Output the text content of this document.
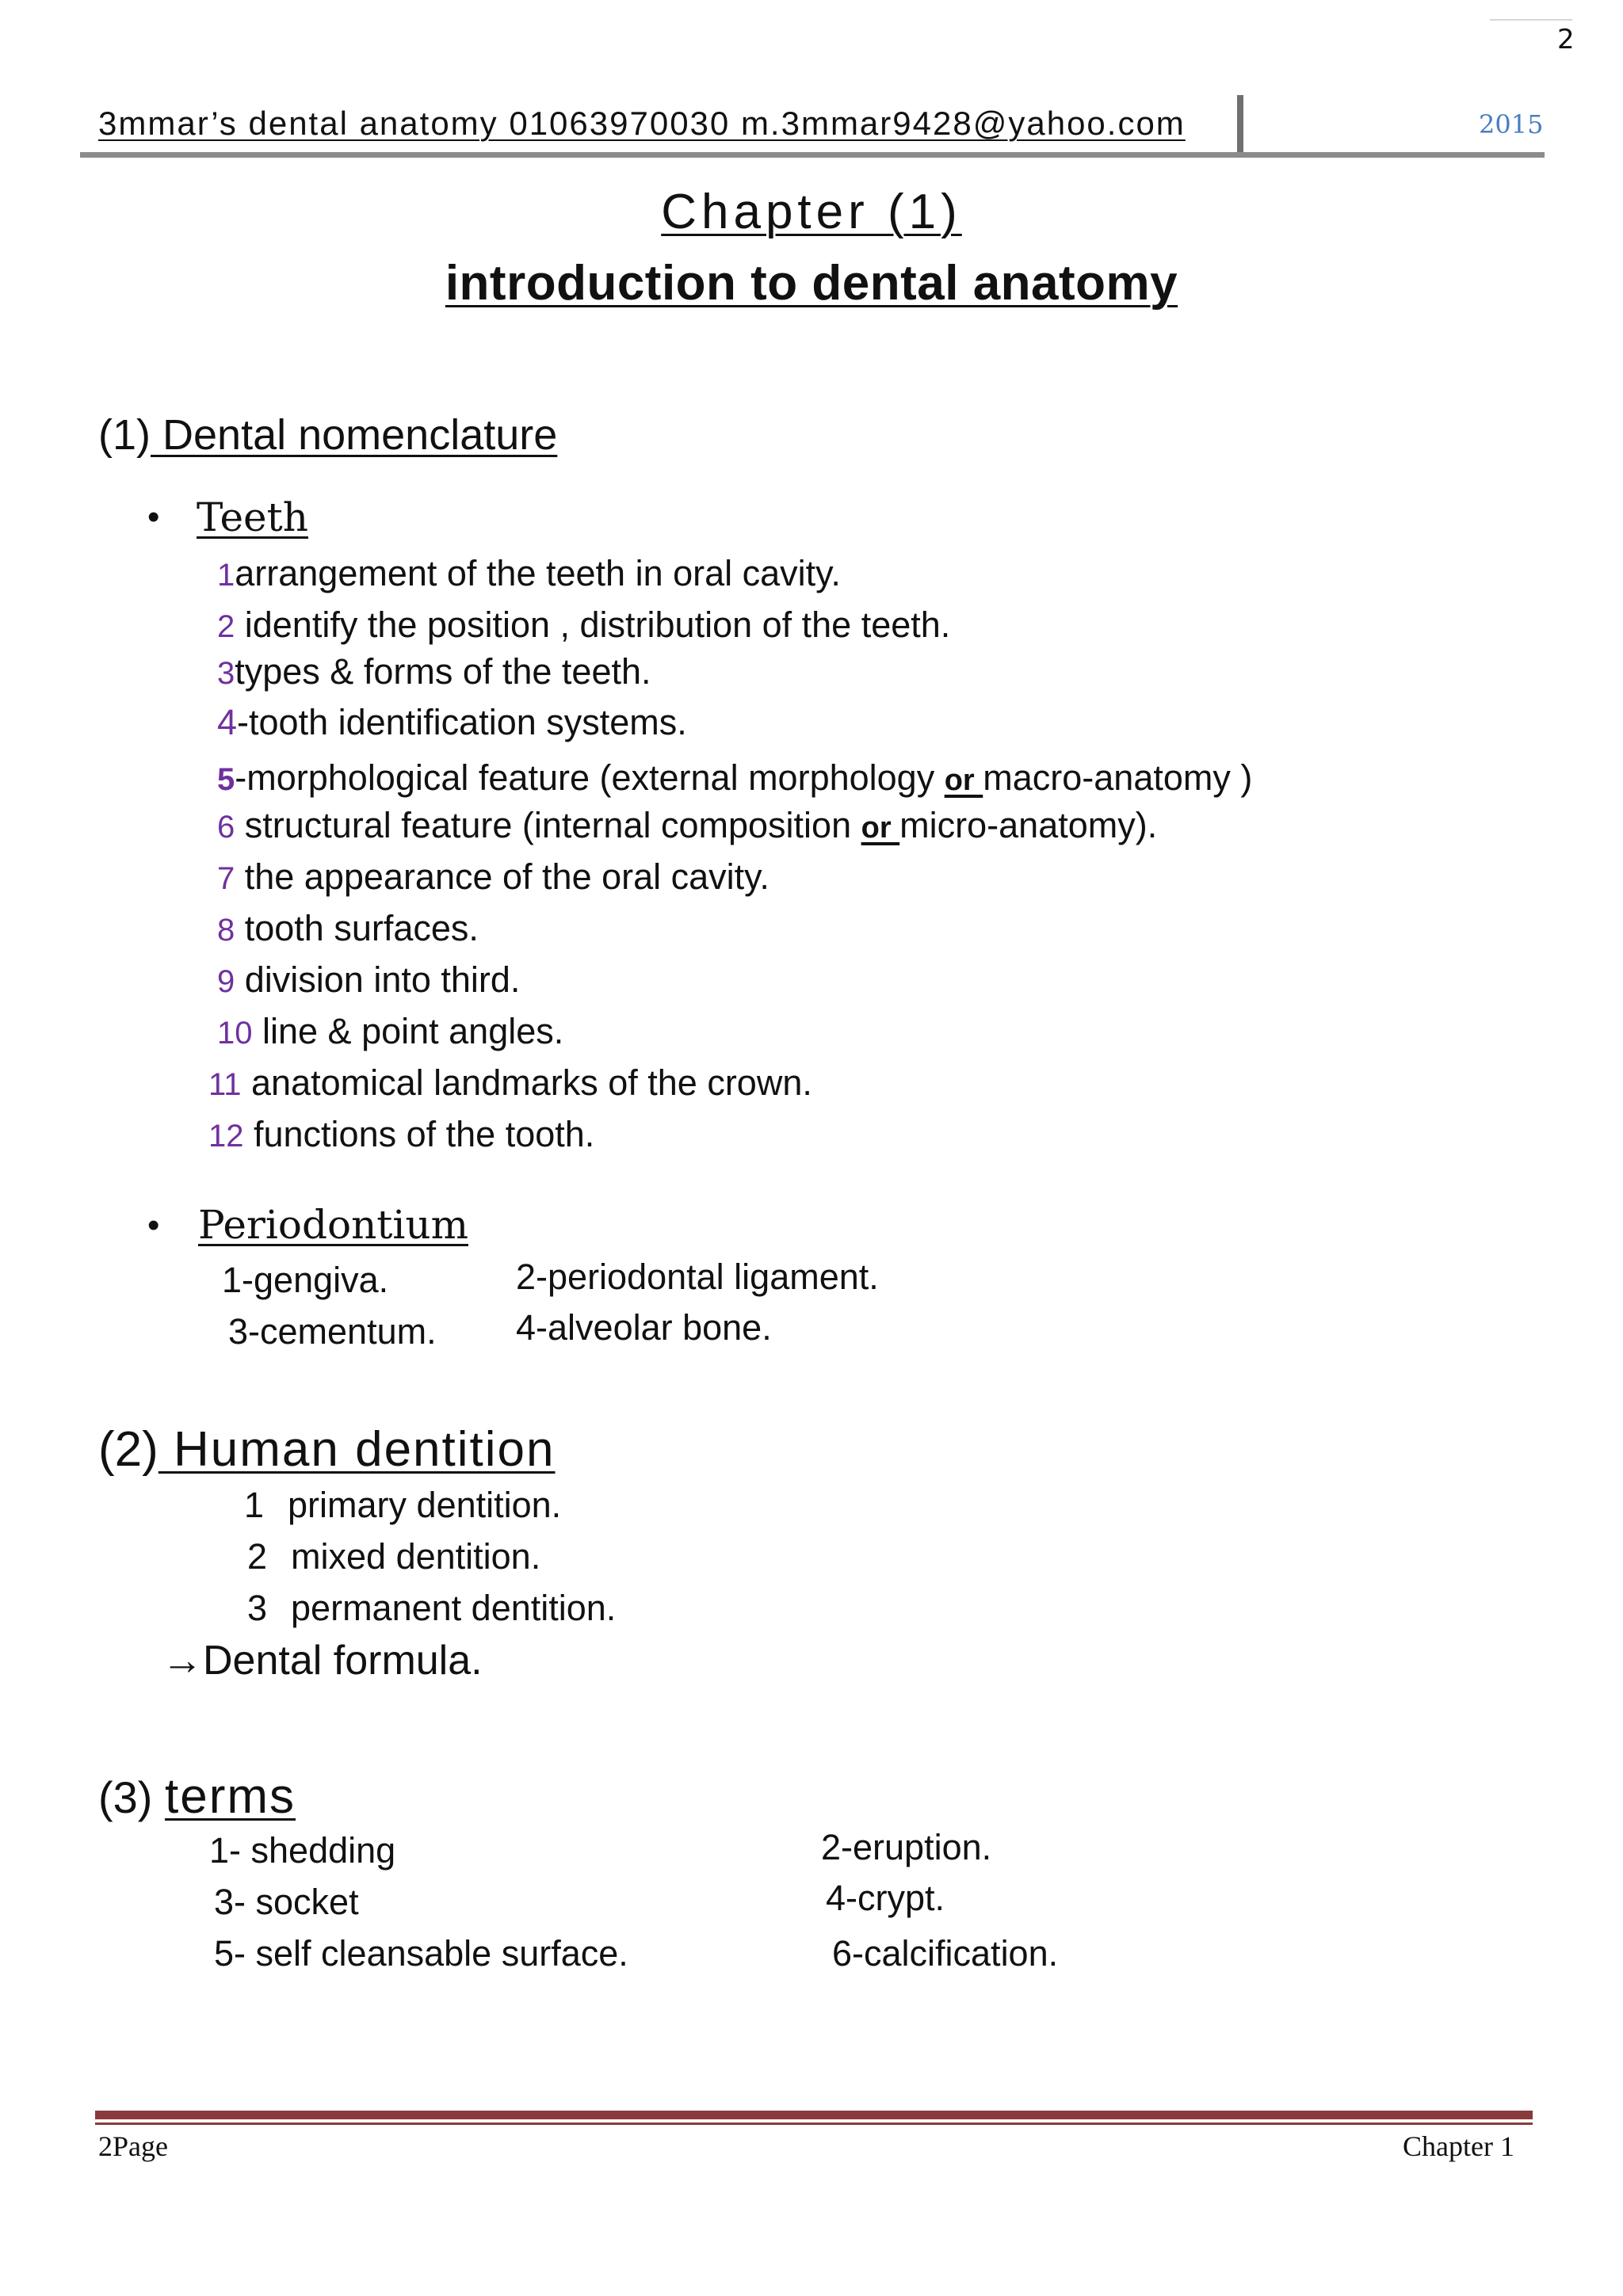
2
3mmar’s dental anatomy 01063970030 m.3mmar9428@yahoo.com	2015
Chapter (1)
introduction to dental anatomy
(1) Dental nomenclature
• Teeth
1arrangement of the teeth in oral cavity.
2 identify the position , distribution of the teeth.
3types & forms of the teeth.
4-tooth identification systems.
5-morphological feature (external morphology or macro-anatomy )
6 structural feature (internal composition or micro-anatomy).
7 the appearance of the oral cavity.
8 tooth surfaces.
9 division into third.
10 line & point angles.
11 anatomical landmarks of the crown.
12 functions of the tooth.
• Periodontium
1-gengiva.	2-periodontal ligament.
3-cementum. 4-alveolar bone.
(2) Human dentition
1 primary dentition.
2 mixed dentition.
3 permanent dentition.
→Dental formula.
(3) terms
1- shedding	2-eruption.
3- socket	4-crypt.
5- self cleansable surface.	6-calcification.
2Page	Chapter 1
